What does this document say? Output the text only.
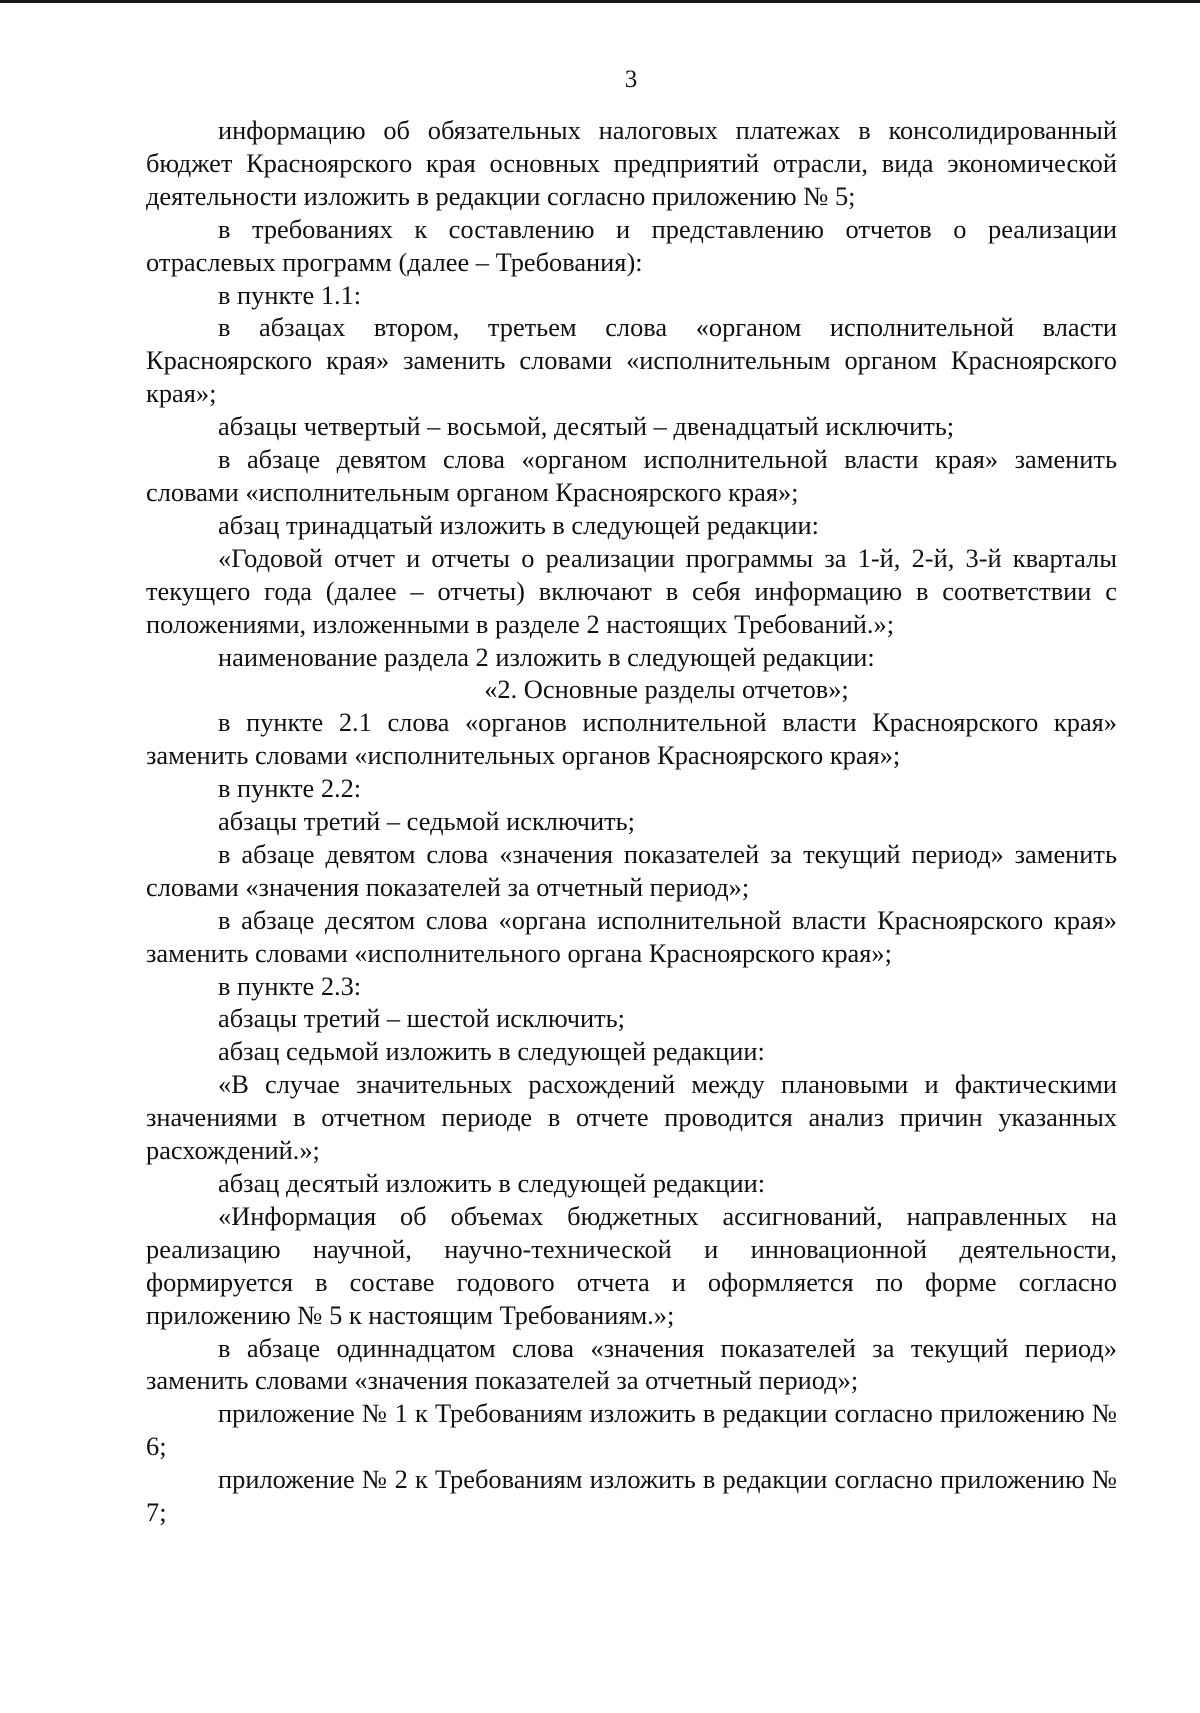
3

информацию об обязательных налоговых платежах в консолидированный бюджет Красноярского края основных предприятий отрасли, вида экономической деятельности изложить в редакции согласно приложению № 5;

в требованиях к составлению и представлению отчетов о реализации отраслевых программ (далее – Требования):

в пункте 1.1:

в абзацах втором, третьем слова «органом исполнительной власти Красноярского края» заменить словами «исполнительным органом Красноярского края»;

абзацы четвертый – восьмой, десятый – двенадцатый исключить;

в абзаце девятом слова «органом исполнительной власти края» заменить словами «исполнительным органом Красноярского края»;

абзац тринадцатый изложить в следующей редакции:

«Годовой отчет и отчеты о реализации программы за 1-й, 2-й, 3-й кварталы текущего года (далее – отчеты) включают в себя информацию в соответствии с положениями, изложенными в разделе 2 настоящих Требований.»;

наименование раздела 2 изложить в следующей редакции:

«2. Основные разделы отчетов»;

в пункте 2.1 слова «органов исполнительной власти Красноярского края» заменить словами «исполнительных органов Красноярского края»;

в пункте 2.2:

абзацы третий – седьмой исключить;

в абзаце девятом слова «значения показателей за текущий период» заменить словами «значения показателей за отчетный период»;

в абзаце десятом слова «органа исполнительной власти Красноярского края» заменить словами «исполнительного органа Красноярского края»;

в пункте 2.3:

абзацы третий – шестой исключить;

абзац седьмой изложить в следующей редакции:

«В случае значительных расхождений между плановыми и фактическими значениями в отчетном периоде в отчете проводится анализ причин указанных расхождений.»;

абзац десятый изложить в следующей редакции:

«Информация об объемах бюджетных ассигнований, направленных на реализацию научной, научно-технической и инновационной деятельности, формируется в составе годового отчета и оформляется по форме согласно приложению № 5 к настоящим Требованиям.»;

в абзаце одиннадцатом слова «значения показателей за текущий период» заменить словами «значения показателей за отчетный период»;

приложение № 1 к Требованиям изложить в редакции согласно приложению № 6;

приложение № 2 к Требованиям изложить в редакции согласно приложению № 7;
